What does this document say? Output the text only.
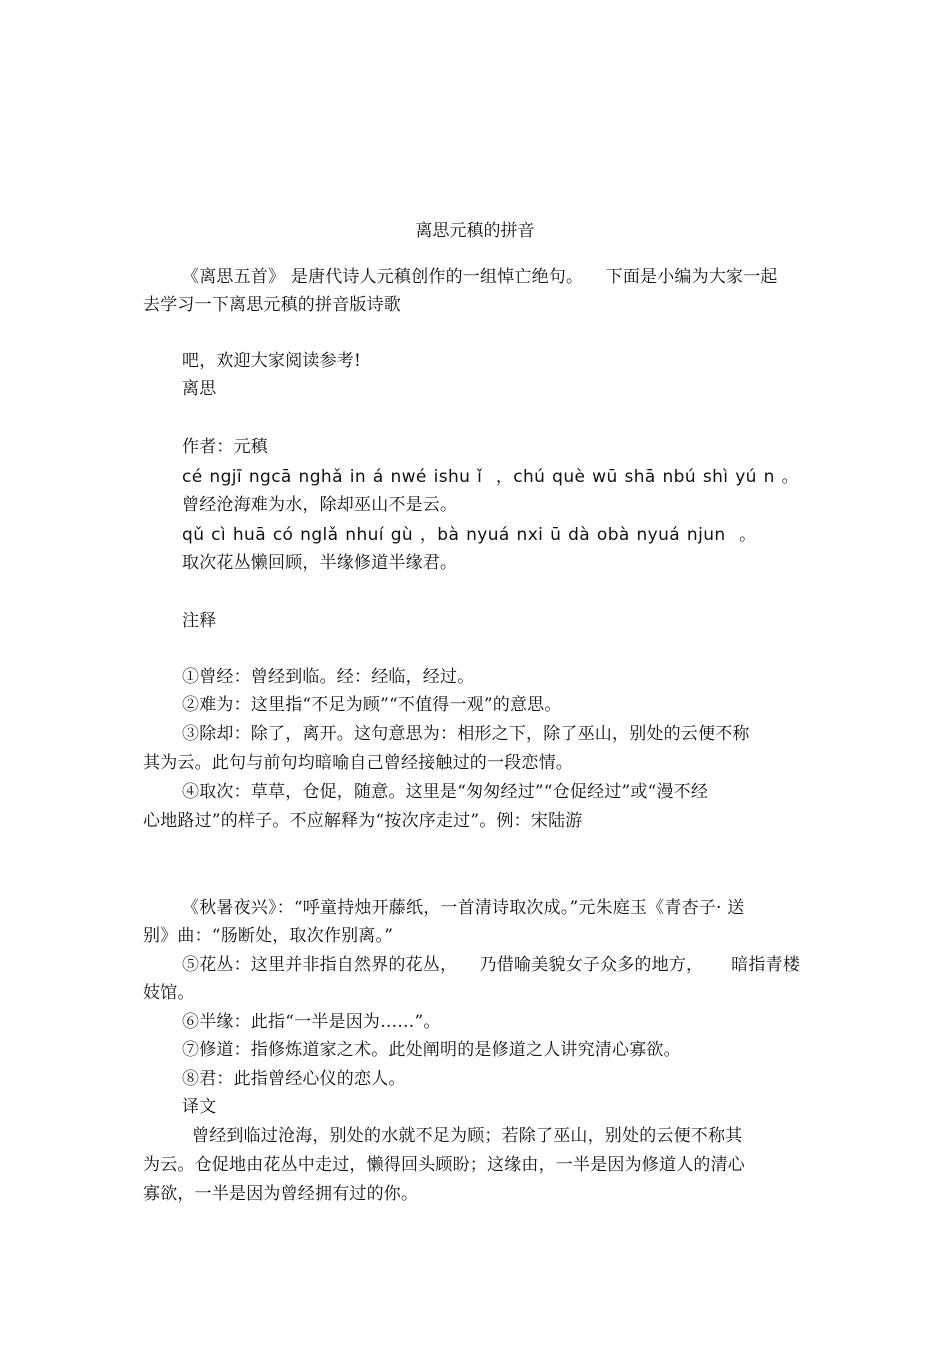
离思元稹的拼音
《离思五首》 是唐代诗人元稹创作的一组悼亡绝句。    下面是小编为大家一起
去学习一下离思元稹的拼音版诗歌
吧，欢迎大家阅读参考!
离思
作者：元稹
cé ngjī ngcā nghǎ in á nwé ishu ǐ  ，chú què wū shā nbú shì yú n 。
曾经沧海难为水，除却巫山不是云。
qǔ cì huā có nglǎ nhuí gù ，bà nyuá nxi ū dà obà nyuá njun  。
取次花丛懒回顾，半缘修道半缘君。
注释
①曾经：曾经到临。经：经临，经过。
②难为：这里指“不足为顾”“不值得一观”的意思。
③除却：除了，离开。这句意思为：相形之下，除了巫山，别处的云便不称
其为云。此句与前句均暗喻自己曾经接触过的一段恋情。
④取次：草草，仓促，随意。这里是“匆匆经过”“仓促经过”或“漫不经
心地路过”的样子。不应解释为“按次序走过”。例：宋陆游
《秋暑夜兴》：“呼童持烛开藤纸，一首清诗取次成。”元朱庭玉《青杏子· 送
别》曲：“肠断处，取次作别离。”
⑤花丛：这里并非指自然界的花丛，    乃借喻美貌女子众多的地方，     暗指青楼
妓馆。
⑥半缘：此指“一半是因为……”。
⑦修道：指修炼道家之术。此处阐明的是修道之人讲究清心寡欲。
⑧君：此指曾经心仪的恋人。
译文
曾经到临过沧海，别处的水就不足为顾；若除了巫山，别处的云便不称其
为云。仓促地由花丛中走过，懒得回头顾盼；这缘由，一半是因为修道人的清心
寡欲，一半是因为曾经拥有过的你。
